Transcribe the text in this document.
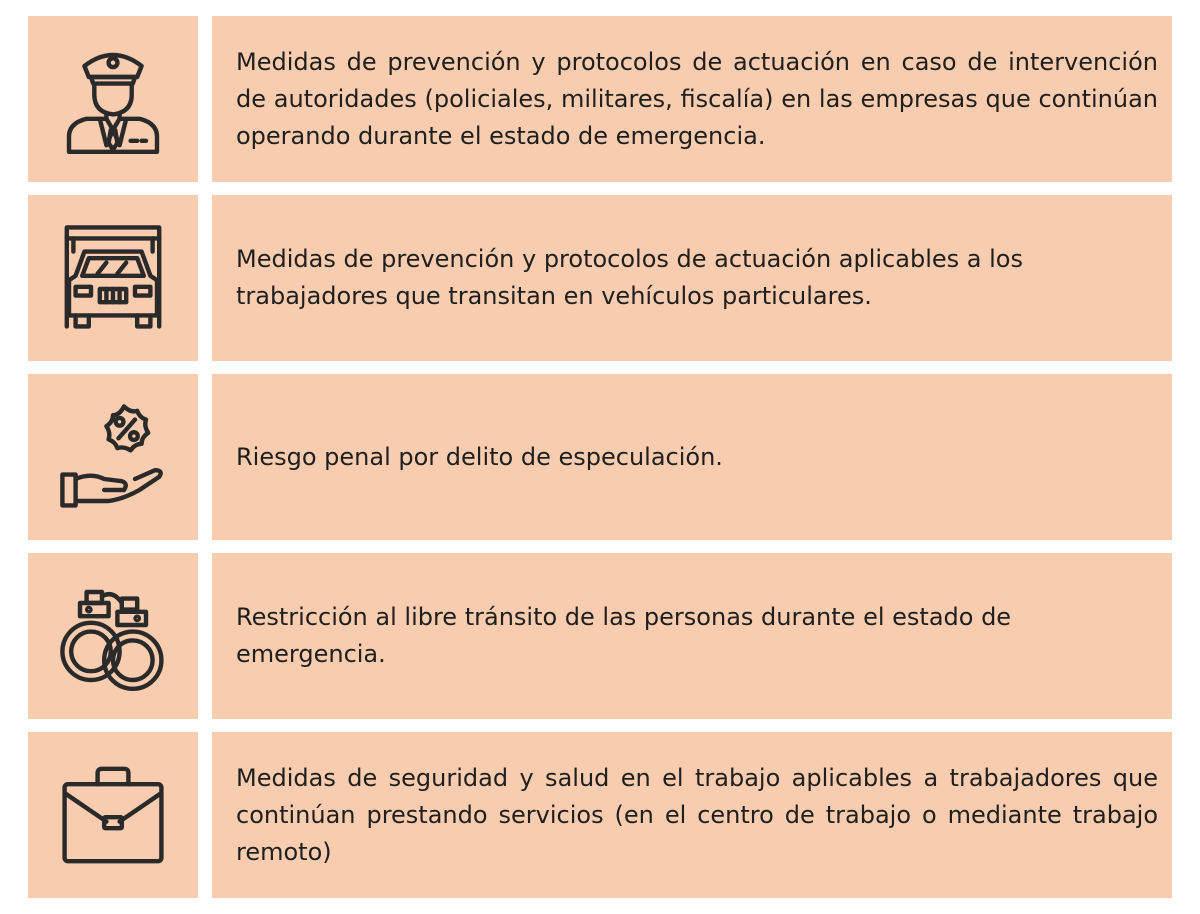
Medidas de prevención y protocolos de actuación en caso de intervención de autoridades (policiales, militares, fiscalía) en las empresas que continúan operando durante el estado de emergencia.

Medidas de prevención y protocolos de actuación aplicables a los trabajadores que transitan en vehículos particulares.

Riesgo penal por delito de especulación.

Restricción al libre tránsito de las personas durante el estado de emergencia.

Medidas de seguridad y salud en el trabajo aplicables a trabajadores que continúan prestando servicios (en el centro de trabajo o mediante trabajo remoto)
